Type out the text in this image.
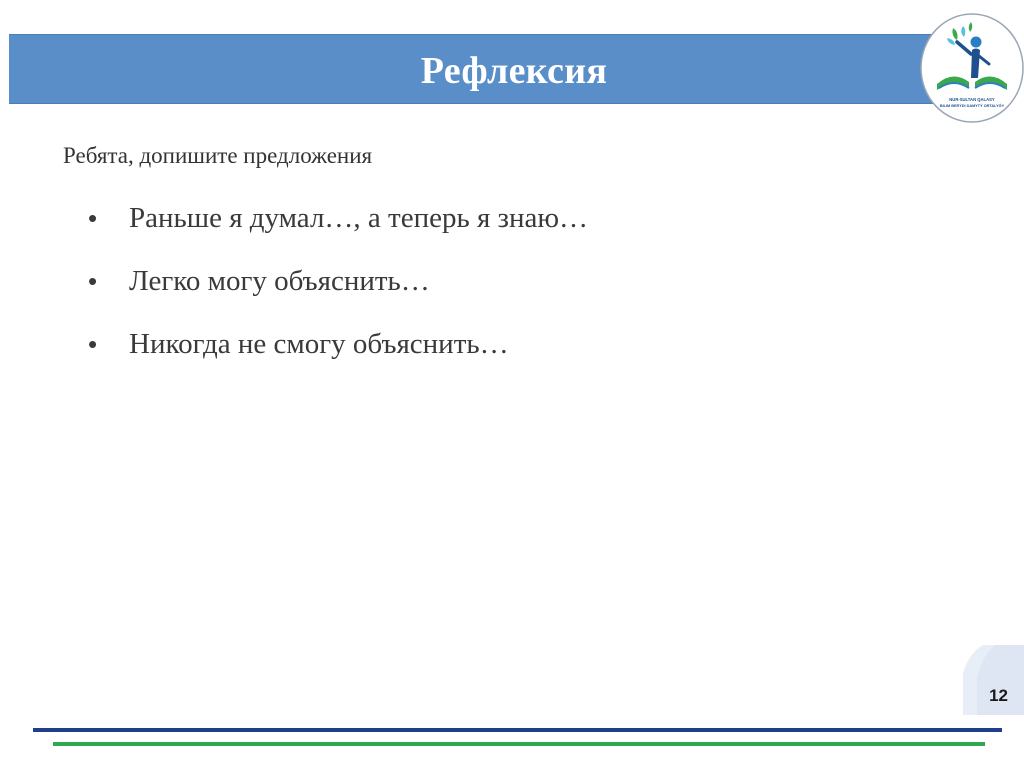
Рефлексия
NUR-SULTAN QALASY
BILIM BERÝDI DAMYTÝ ORTALYǴY
Ребята, допишите предложения
• Раньше я думал…, а теперь я знаю…
• Легко могу объяснить…
• Никогда не смогу объяснить…
12
